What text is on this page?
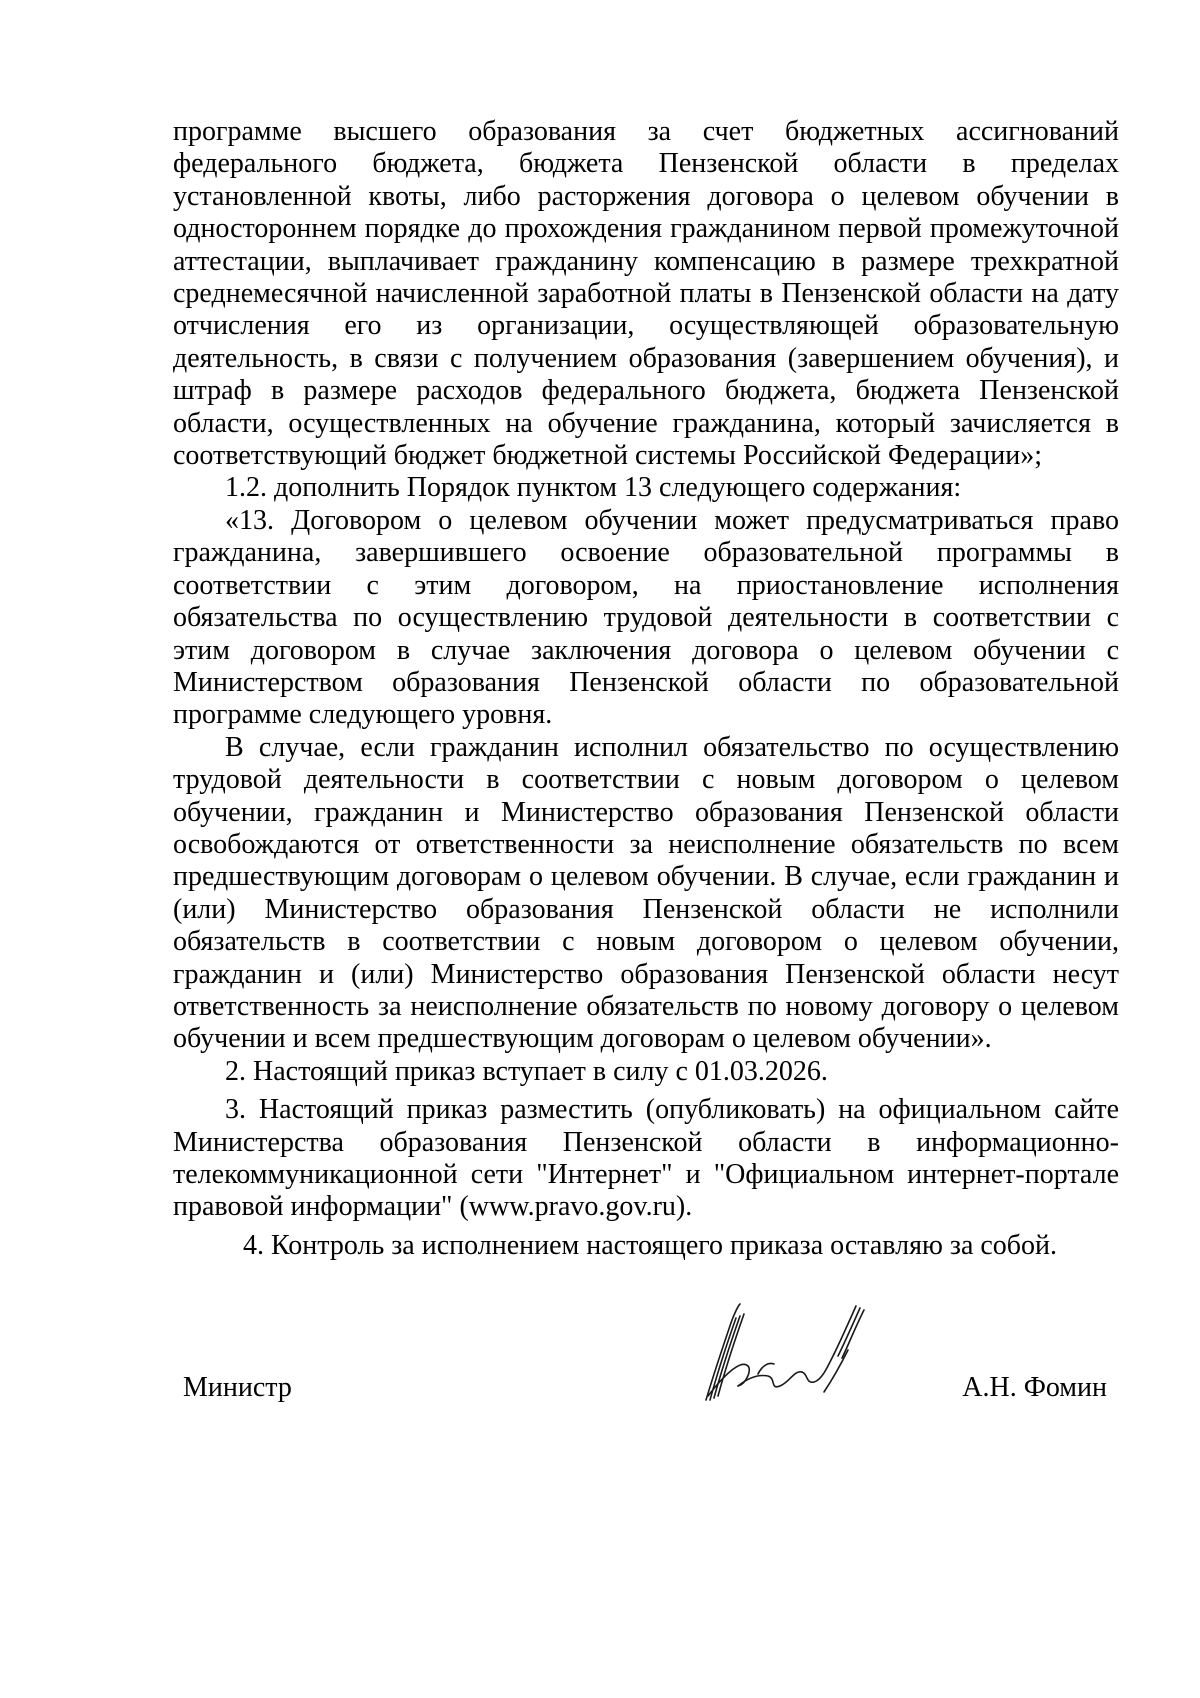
программе высшего образования за счет бюджетных ассигнований федерального бюджета, бюджета Пензенской области в пределах установленной квоты, либо расторжения договора о целевом обучении в одностороннем порядке до прохождения гражданином первой промежуточной аттестации, выплачивает гражданину компенсацию в размере трехкратной среднемесячной начисленной заработной платы в Пензенской области на дату отчисления его из организации, осуществляющей образовательную деятельность, в связи с получением образования (завершением обучения), и штраф в размере расходов федерального бюджета, бюджета Пензенской области, осуществленных на обучение гражданина, который зачисляется в соответствующий бюджет бюджетной системы Российской Федерации»;

1.2. дополнить Порядок пунктом 13 следующего содержания:

«13. Договором о целевом обучении может предусматриваться право гражданина, завершившего освоение образовательной программы в соответствии с этим договором, на приостановление исполнения обязательства по осуществлению трудовой деятельности в соответствии с этим договором в случае заключения договора о целевом обучении с Министерством образования Пензенской области по образовательной программе следующего уровня.

В случае, если гражданин исполнил обязательство по осуществлению трудовой деятельности в соответствии с новым договором о целевом обучении, гражданин и Министерство образования Пензенской области освобождаются от ответственности за неисполнение обязательств по всем предшествующим договорам о целевом обучении. В случае, если гражданин и (или) Министерство образования Пензенской области не исполнили обязательств в соответствии с новым договором о целевом обучении, гражданин и (или) Министерство образования Пензенской области несут ответственность за неисполнение обязательств по новому договору о целевом обучении и всем предшествующим договорам о целевом обучении».

2. Настоящий приказ вступает в силу с 01.03.2026.

3. Настоящий приказ разместить (опубликовать) на официальном сайте Министерства образования Пензенской области в информационно-телекоммуникационной сети "Интернет" и "Официальном интернет-портале правовой информации" (www.pravo.gov.ru).

4. Контроль за исполнением настоящего приказа оставляю за собой.

Министр	А.Н. Фомин
